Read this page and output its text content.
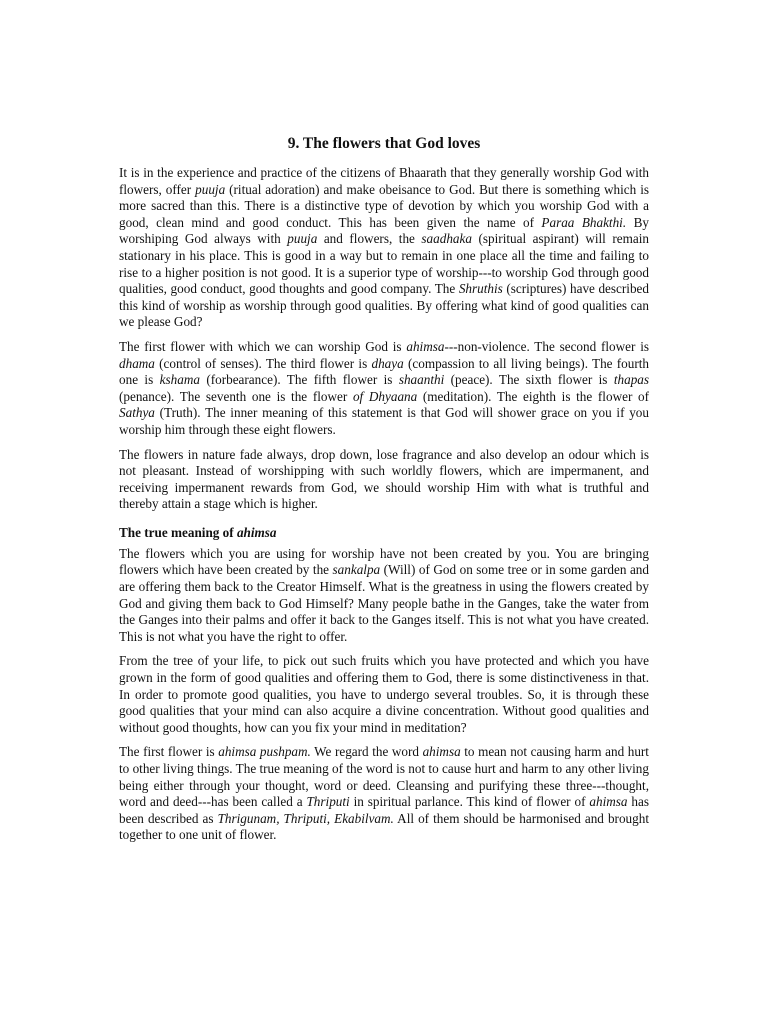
9. The flowers that God loves

It is in the experience and practice of the citizens of Bhaarath that they generally worship God with flowers, offer puuja (ritual adoration) and make obeisance to God. But there is something which is more sacred than this. There is a distinctive type of devotion by which you worship God with a good, clean mind and good conduct. This has been given the name of Paraa Bhakthi. By worshiping God always with puuja and flowers, the saadhaka (spiritual aspirant) will remain stationary in his place. This is good in a way but to remain in one place all the time and failing to rise to a higher position is not good. It is a superior type of worship---to worship God through good qualities, good conduct, good thoughts and good company. The Shruthis (scriptures) have described this kind of worship as worship through good qualities. By offering what kind of good qualities can we please God?

The first flower with which we can worship God is ahimsa---non-violence. The second flower is dhama (control of senses). The third flower is dhaya (compassion to all living beings). The fourth one is kshama (forbearance). The fifth flower is shaanthi (peace). The sixth flower is thapas (penance). The seventh one is the flower of Dhyaana (meditation). The eighth is the flower of Sathya (Truth). The inner meaning of this statement is that God will shower grace on you if you worship him through these eight flowers.

The flowers in nature fade always, drop down, lose fragrance and also develop an odour which is not pleasant. Instead of worshipping with such worldly flowers, which are impermanent, and receiving impermanent rewards from God, we should worship Him with what is truthful and thereby attain a stage which is higher.

The true meaning of ahimsa

The flowers which you are using for worship have not been created by you. You are bringing flowers which have been created by the sankalpa (Will) of God on some tree or in some garden and are offering them back to the Creator Himself. What is the greatness in using the flowers created by God and giving them back to God Himself? Many people bathe in the Ganges, take the water from the Ganges into their palms and offer it back to the Ganges itself. This is not what you have created. This is not what you have the right to offer.

From the tree of your life, to pick out such fruits which you have protected and which you have grown in the form of good qualities and offering them to God, there is some distinctiveness in that. In order to promote good qualities, you have to undergo several troubles. So, it is through these good qualities that your mind can also acquire a divine concentration. Without good qualities and without good thoughts, how can you fix your mind in meditation?

The first flower is ahimsa pushpam. We regard the word ahimsa to mean not causing harm and hurt to other living things. The true meaning of the word is not to cause hurt and harm to any other living being either through your thought, word or deed. Cleansing and purifying these three---thought, word and deed---has been called a Thriputi in spiritual parlance. This kind of flower of ahimsa has been described as Thrigunam, Thriputi, Ekabilvam. All of them should be harmonised and brought together to one unit of flower.
